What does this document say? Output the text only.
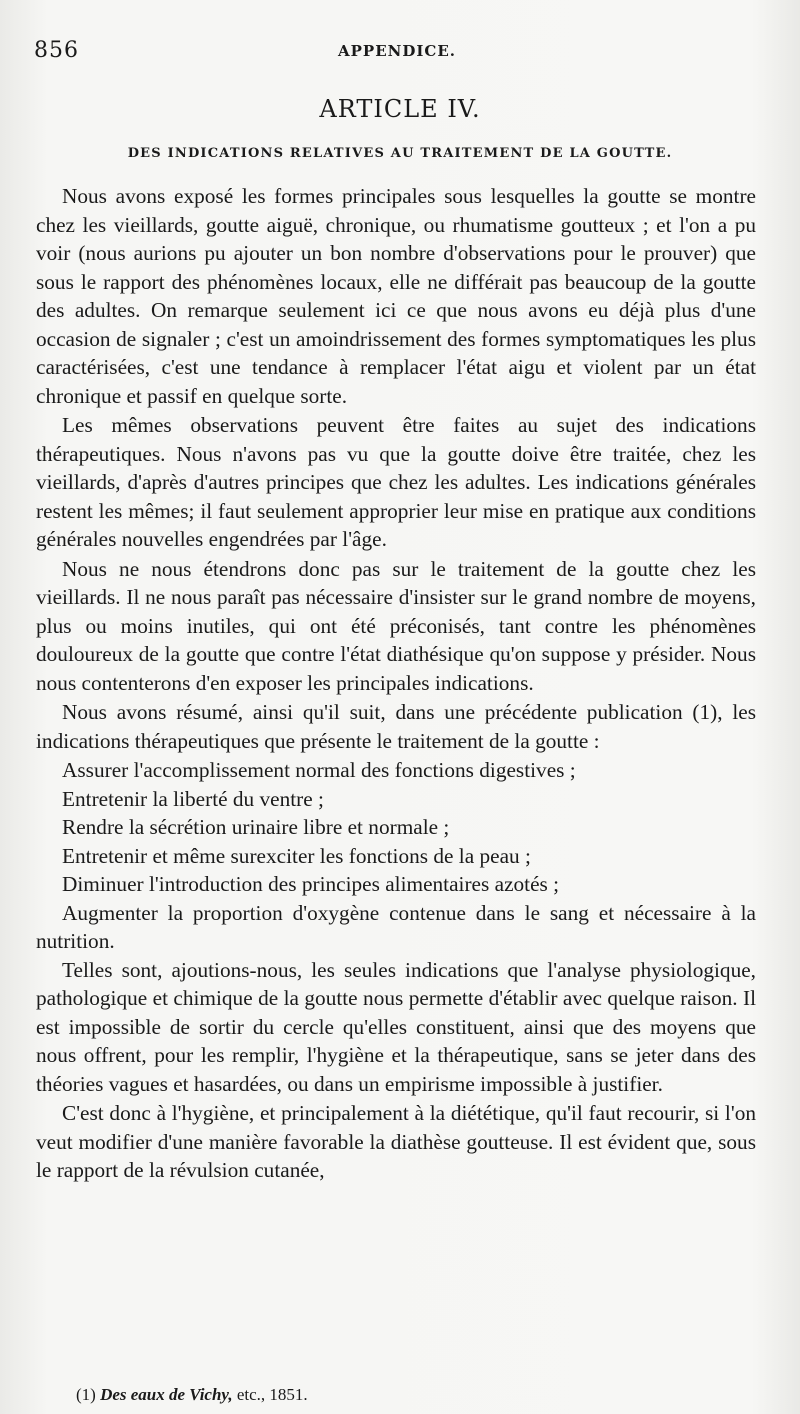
856	APPENDICE.
ARTICLE IV.
DES INDICATIONS RELATIVES AU TRAITEMENT DE LA GOUTTE.

Nous avons exposé les formes principales sous lesquelles la goutte se montre chez les vieillards, goutte aiguë, chronique, ou rhumatisme goutteux ; et l'on a pu voir (nous aurions pu ajouter un bon nombre d'observations pour le prouver) que sous le rapport des phénomènes locaux, elle ne différait pas beaucoup de la goutte des adultes. On remarque seulement ici ce que nous avons eu déjà plus d'une occasion de signaler ; c'est un amoindrissement des formes symptomatiques les plus caractérisées, c'est une tendance à remplacer l'état aigu et violent par un état chronique et passif en quelque sorte.

Les mêmes observations peuvent être faites au sujet des indications thérapeutiques. Nous n'avons pas vu que la goutte doive être traitée, chez les vieillards, d'après d'autres principes que chez les adultes. Les indications générales restent les mêmes; il faut seulement approprier leur mise en pratique aux conditions générales nouvelles engendrées par l'âge.

Nous ne nous étendrons donc pas sur le traitement de la goutte chez les vieillards. Il ne nous paraît pas nécessaire d'insister sur le grand nombre de moyens, plus ou moins inutiles, qui ont été préconisés, tant contre les phénomènes douloureux de la goutte que contre l'état diathésique qu'on suppose y présider. Nous nous contenterons d'en exposer les principales indications.

Nous avons résumé, ainsi qu'il suit, dans une précédente publication (1), les indications thérapeutiques que présente le traitement de la goutte :

Assurer l'accomplissement normal des fonctions digestives ;
Entretenir la liberté du ventre ;
Rendre la sécrétion urinaire libre et normale ;
Entretenir et même surexciter les fonctions de la peau ;
Diminuer l'introduction des principes alimentaires azotés ;
Augmenter la proportion d'oxygène contenue dans le sang et nécessaire à la nutrition.

Telles sont, ajoutions-nous, les seules indications que l'analyse physiologique, pathologique et chimique de la goutte nous permette d'établir avec quelque raison. Il est impossible de sortir du cercle qu'elles constituent, ainsi que des moyens que nous offrent, pour les remplir, l'hygiène et la thérapeutique, sans se jeter dans des théories vagues et hasardées, ou dans un empirisme impossible à justifier.

C'est donc à l'hygiène, et principalement à la diététique, qu'il faut recourir, si l'on veut modifier d'une manière favorable la diathèse goutteuse. Il est évident que, sous le rapport de la révulsion cutanée,

(1) Des eaux de Vichy, etc., 1851.
